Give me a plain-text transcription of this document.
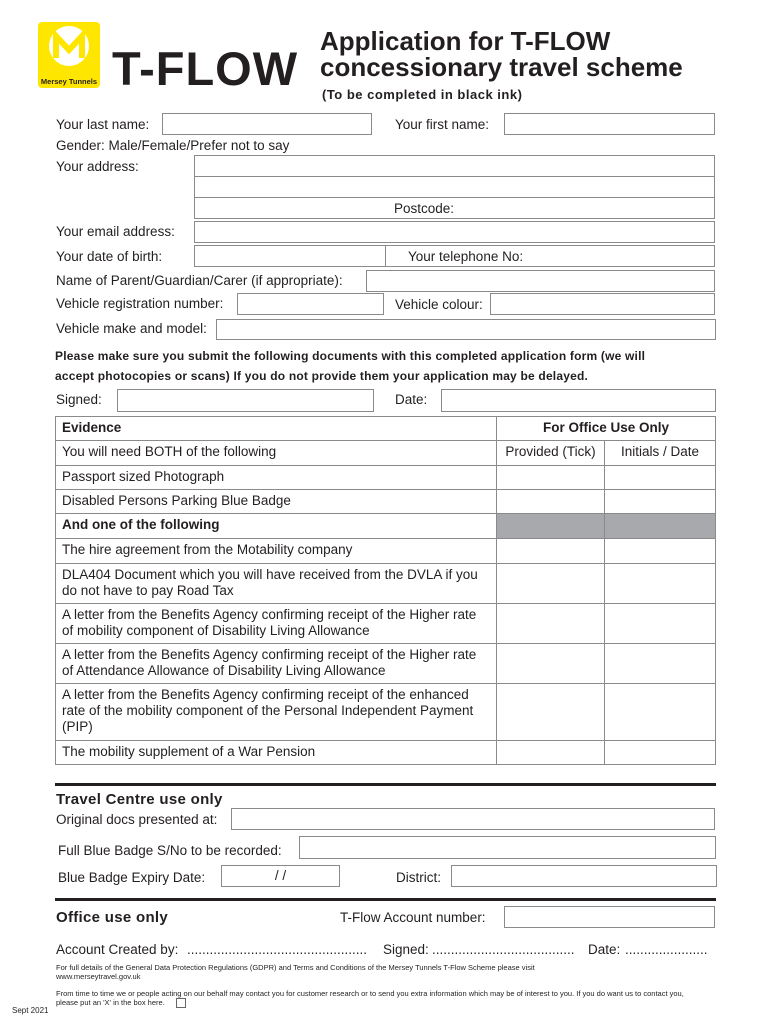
Mersey Tunnels T-FLOW
Application for T-FLOW
concessionary travel scheme
(To be completed in black ink)
Your last name:	Your first name:
Gender: Male/Female/Prefer not to say
Your address:
Postcode:
Your email address:
Your date of birth:	Your telephone No:
Name of Parent/Guardian/Carer (if appropriate):
Vehicle registration number:	Vehicle colour:
Vehicle make and model:
Please make sure you submit the following documents with this completed application form (we will
accept photocopies or scans) If you do not provide them your application may be delayed.
Signed:	Date:
Evidence	For Office Use Only	
You will need BOTH of the following	Provided (Tick)	Initials / Date
Passport sized Photograph		
Disabled Persons Parking Blue Badge		
And one of the following		
The hire agreement from the Motability company		
DLA404 Document which you will have received from the DVLA if you do not have to pay Road Tax		
A letter from the Benefits Agency confirming receipt of the Higher rate of mobility component of Disability Living Allowance		
A letter from the Benefits Agency confirming receipt of the Higher rate of Attendance Allowance of Disability Living Allowance		
A letter from the Benefits Agency confirming receipt of the enhanced rate of the mobility component of the Personal Independent Payment (PIP)		
The mobility supplement of a War Pension		
Travel Centre use only
Original docs presented at:
Full Blue Badge S/No to be recorded:
Blue Badge Expiry Date:	/ /	District:
Office use only	T-Flow Account number:
Account Created by: ................................................ Signed: ...................................... Date: ......................
For full details of the General Data Protection Regulations (GDPR) and Terms and Conditions of the Mersey Tunnels T-Flow Scheme please visit
www.merseytravel.gov.uk
From time to time we or people acting on our behalf may contact you for customer research or to send you extra information which may be of interest to you. If you do want us to contact you,
please put an 'X' in the box here.
Sept 2021
